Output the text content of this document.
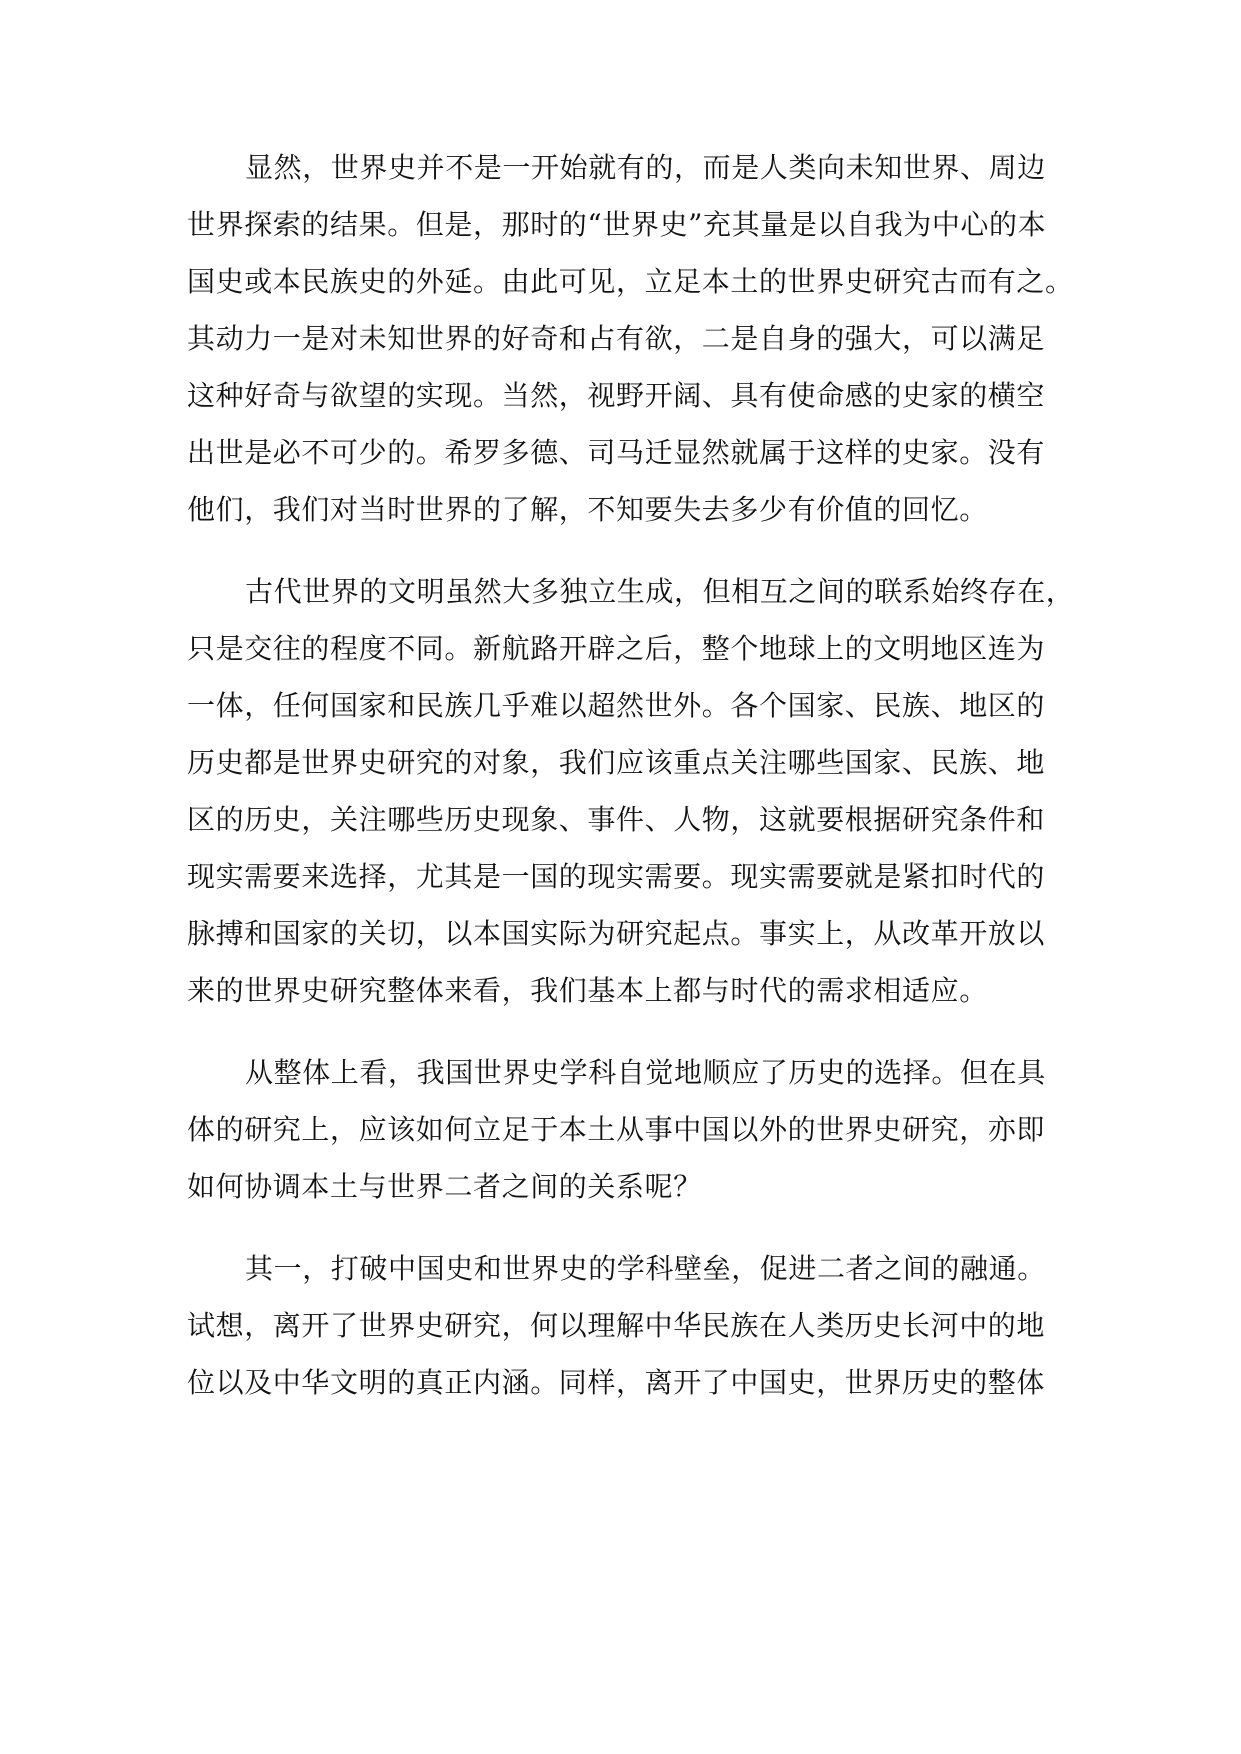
显然，世界史并不是一开始就有的，而是人类向未知世界、周边
世界探索的结果。但是，那时的“世界史”充其量是以自我为中心的本
国史或本民族史的外延。由此可见，立足本土的世界史研究古而有之。
其动力一是对未知世界的好奇和占有欲，二是自身的强大，可以满足
这种好奇与欲望的实现。当然，视野开阔、具有使命感的史家的横空
出世是必不可少的。希罗多德、司马迁显然就属于这样的史家。没有
他们，我们对当时世界的了解，不知要失去多少有价值的回忆。
古代世界的文明虽然大多独立生成，但相互之间的联系始终存在，
只是交往的程度不同。新航路开辟之后，整个地球上的文明地区连为
一体，任何国家和民族几乎难以超然世外。各个国家、民族、地区的
历史都是世界史研究的对象，我们应该重点关注哪些国家、民族、地
区的历史，关注哪些历史现象、事件、人物，这就要根据研究条件和
现实需要来选择，尤其是一国的现实需要。现实需要就是紧扣时代的
脉搏和国家的关切，以本国实际为研究起点。事实上，从改革开放以
来的世界史研究整体来看，我们基本上都与时代的需求相适应。
从整体上看，我国世界史学科自觉地顺应了历史的选择。但在具
体的研究上，应该如何立足于本土从事中国以外的世界史研究，亦即
如何协调本土与世界二者之间的关系呢？
其一，打破中国史和世界史的学科壁垒，促进二者之间的融通。
试想，离开了世界史研究，何以理解中华民族在人类历史长河中的地
位以及中华文明的真正内涵。同样，离开了中国史，世界历史的整体
